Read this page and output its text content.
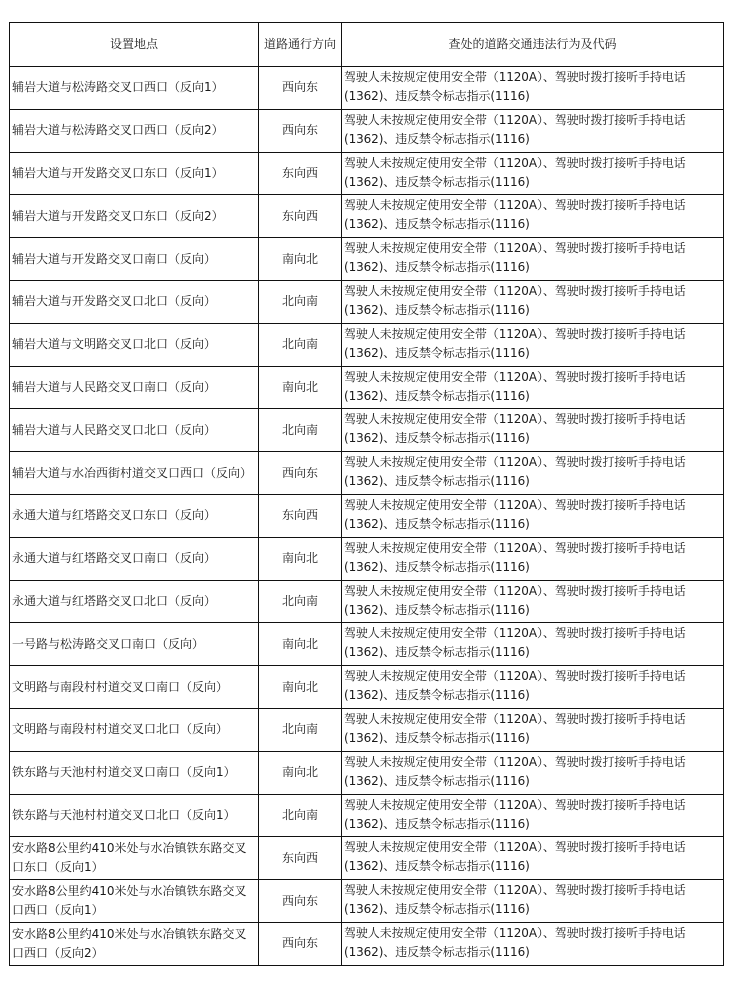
设置地点	道路通行方向	查处的道路交通违法行为及代码
辅岩大道与松涛路交叉口西口（反向1）	西向东	驾驶人未按规定使用安全带（1120A）、驾驶时拨打接听手持电话
(1362)、违反禁令标志指示(1116)

辅岩大道与松涛路交叉口西口（反向2）	西向东	驾驶人未按规定使用安全带（1120A）、驾驶时拨打接听手持电话
(1362)、违反禁令标志指示(1116)

辅岩大道与开发路交叉口东口（反向1）	东向西	驾驶人未按规定使用安全带（1120A）、驾驶时拨打接听手持电话
(1362)、违反禁令标志指示(1116)

辅岩大道与开发路交叉口东口（反向2）	东向西	驾驶人未按规定使用安全带（1120A）、驾驶时拨打接听手持电话
(1362)、违反禁令标志指示(1116)

辅岩大道与开发路交叉口南口（反向）	南向北	驾驶人未按规定使用安全带（1120A）、驾驶时拨打接听手持电话
(1362)、违反禁令标志指示(1116)

辅岩大道与开发路交叉口北口（反向）	北向南	驾驶人未按规定使用安全带（1120A）、驾驶时拨打接听手持电话
(1362)、违反禁令标志指示(1116)

辅岩大道与文明路交叉口北口（反向）	北向南	驾驶人未按规定使用安全带（1120A）、驾驶时拨打接听手持电话
(1362)、违反禁令标志指示(1116)

辅岩大道与人民路交叉口南口（反向）	南向北	驾驶人未按规定使用安全带（1120A）、驾驶时拨打接听手持电话
(1362)、违反禁令标志指示(1116)

辅岩大道与人民路交叉口北口（反向）	北向南	驾驶人未按规定使用安全带（1120A）、驾驶时拨打接听手持电话
(1362)、违反禁令标志指示(1116)

辅岩大道与水冶西街村道交叉口西口（反向）	西向东	驾驶人未按规定使用安全带（1120A）、驾驶时拨打接听手持电话
(1362)、违反禁令标志指示(1116)

永通大道与红塔路交叉口东口（反向）	东向西	驾驶人未按规定使用安全带（1120A）、驾驶时拨打接听手持电话
(1362)、违反禁令标志指示(1116)

永通大道与红塔路交叉口南口（反向）	南向北	驾驶人未按规定使用安全带（1120A）、驾驶时拨打接听手持电话
(1362)、违反禁令标志指示(1116)

永通大道与红塔路交叉口北口（反向）	北向南	驾驶人未按规定使用安全带（1120A）、驾驶时拨打接听手持电话
(1362)、违反禁令标志指示(1116)

一号路与松涛路交叉口南口（反向）	南向北	驾驶人未按规定使用安全带（1120A）、驾驶时拨打接听手持电话
(1362)、违反禁令标志指示(1116)

文明路与南段村村道交叉口南口（反向）	南向北	驾驶人未按规定使用安全带（1120A）、驾驶时拨打接听手持电话
(1362)、违反禁令标志指示(1116)

文明路与南段村村道交叉口北口（反向）	北向南	驾驶人未按规定使用安全带（1120A）、驾驶时拨打接听手持电话
(1362)、违反禁令标志指示(1116)

铁东路与天池村村道交叉口南口（反向1）	南向北	驾驶人未按规定使用安全带（1120A）、驾驶时拨打接听手持电话
(1362)、违反禁令标志指示(1116)

铁东路与天池村村道交叉口北口（反向1）	北向南	驾驶人未按规定使用安全带（1120A）、驾驶时拨打接听手持电话
(1362)、违反禁令标志指示(1116)

安水路8公里约410米处与水冶镇铁东路交叉口东口（反向1）	东向西	驾驶人未按规定使用安全带（1120A）、驾驶时拨打接听手持电话
(1362)、违反禁令标志指示(1116)

安水路8公里约410米处与水冶镇铁东路交叉口西口（反向1）	西向东	驾驶人未按规定使用安全带（1120A）、驾驶时拨打接听手持电话
(1362)、违反禁令标志指示(1116)

安水路8公里约410米处与水冶镇铁东路交叉口西口（反向2）	西向东	驾驶人未按规定使用安全带（1120A）、驾驶时拨打接听手持电话
(1362)、违反禁令标志指示(1116)
